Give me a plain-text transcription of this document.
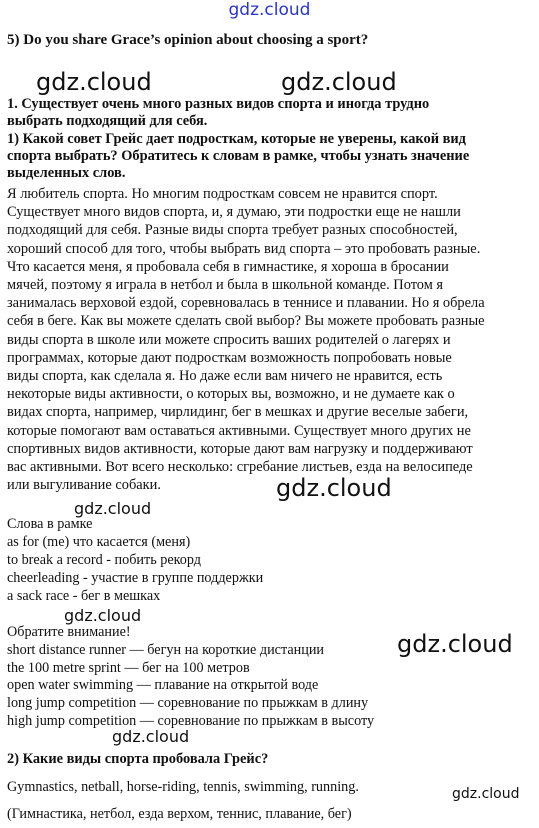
gdz.cloud
5) Do you share Grace’s opinion about choosing a sport?
gdz.cloud	gdz.cloud
1. Существует очень много разных видов спорта и иногда трудно
выбрать подходящий для себя.
1) Какой совет Грейс дает подросткам, которые не уверены, какой вид
спорта выбрать? Обратитесь к словам в рамке, чтобы узнать значение
выделенных слов.
Я любитель спорта. Но многим подросткам совсем не нравится спорт.
Существует много видов спорта, и, я думаю, эти подростки еще не нашли
подходящий для себя. Разные виды спорта требует разных способностей,
хороший способ для того, чтобы выбрать вид спорта – это пробовать разные.
Что касается меня, я пробовала себя в гимнастике, я хороша в бросании
мячей, поэтому я играла в нетбол и была в школьной команде. Потом я
занималась верховой ездой, соревновалась в теннисе и плавании. Но я обрела
себя в беге. Как вы можете сделать свой выбор? Вы можете пробовать разные
виды спорта в школе или можете спросить ваших родителей о лагерях и
программах, которые дают подросткам возможность попробовать новые
виды спорта, как сделала я. Но даже если вам ничего не нравится, есть
некоторые виды активности, о которых вы, возможно, и не думаете как о
видах спорта, например, чирлидинг, бег в мешках и другие веселые забеги,
которые помогают вам оставаться активными. Существует много других не
спортивных видов активности, которые дают вам нагрузку и поддерживают
вас активными. Вот всего несколько: сгребание листьев, езда на велосипеде
или выгуливание собаки.	gdz.cloud
gdz.cloud
Слова в рамке
as for (me) что касается (меня)
to break a record - побить рекорд
cheerleading - участие в группе поддержки
a sack race - бег в мешках
gdz.cloud
gdz.cloud
Обратите внимание!
short distance runner — бегун на короткие дистанции
the 100 metre sprint — бег на 100 метров
open water swimming — плавание на открытой воде
long jump competition — соревнование по прыжкам в длину
high jump competition — соревнование по прыжкам в высоту
gdz.cloud
2) Какие виды спорта пробовала Грейс?
Gymnastics, netball, horse-riding, tennis, swimming, running.	gdz.cloud
(Гимнастика, нетбол, езда верхом, теннис, плавание, бег)
